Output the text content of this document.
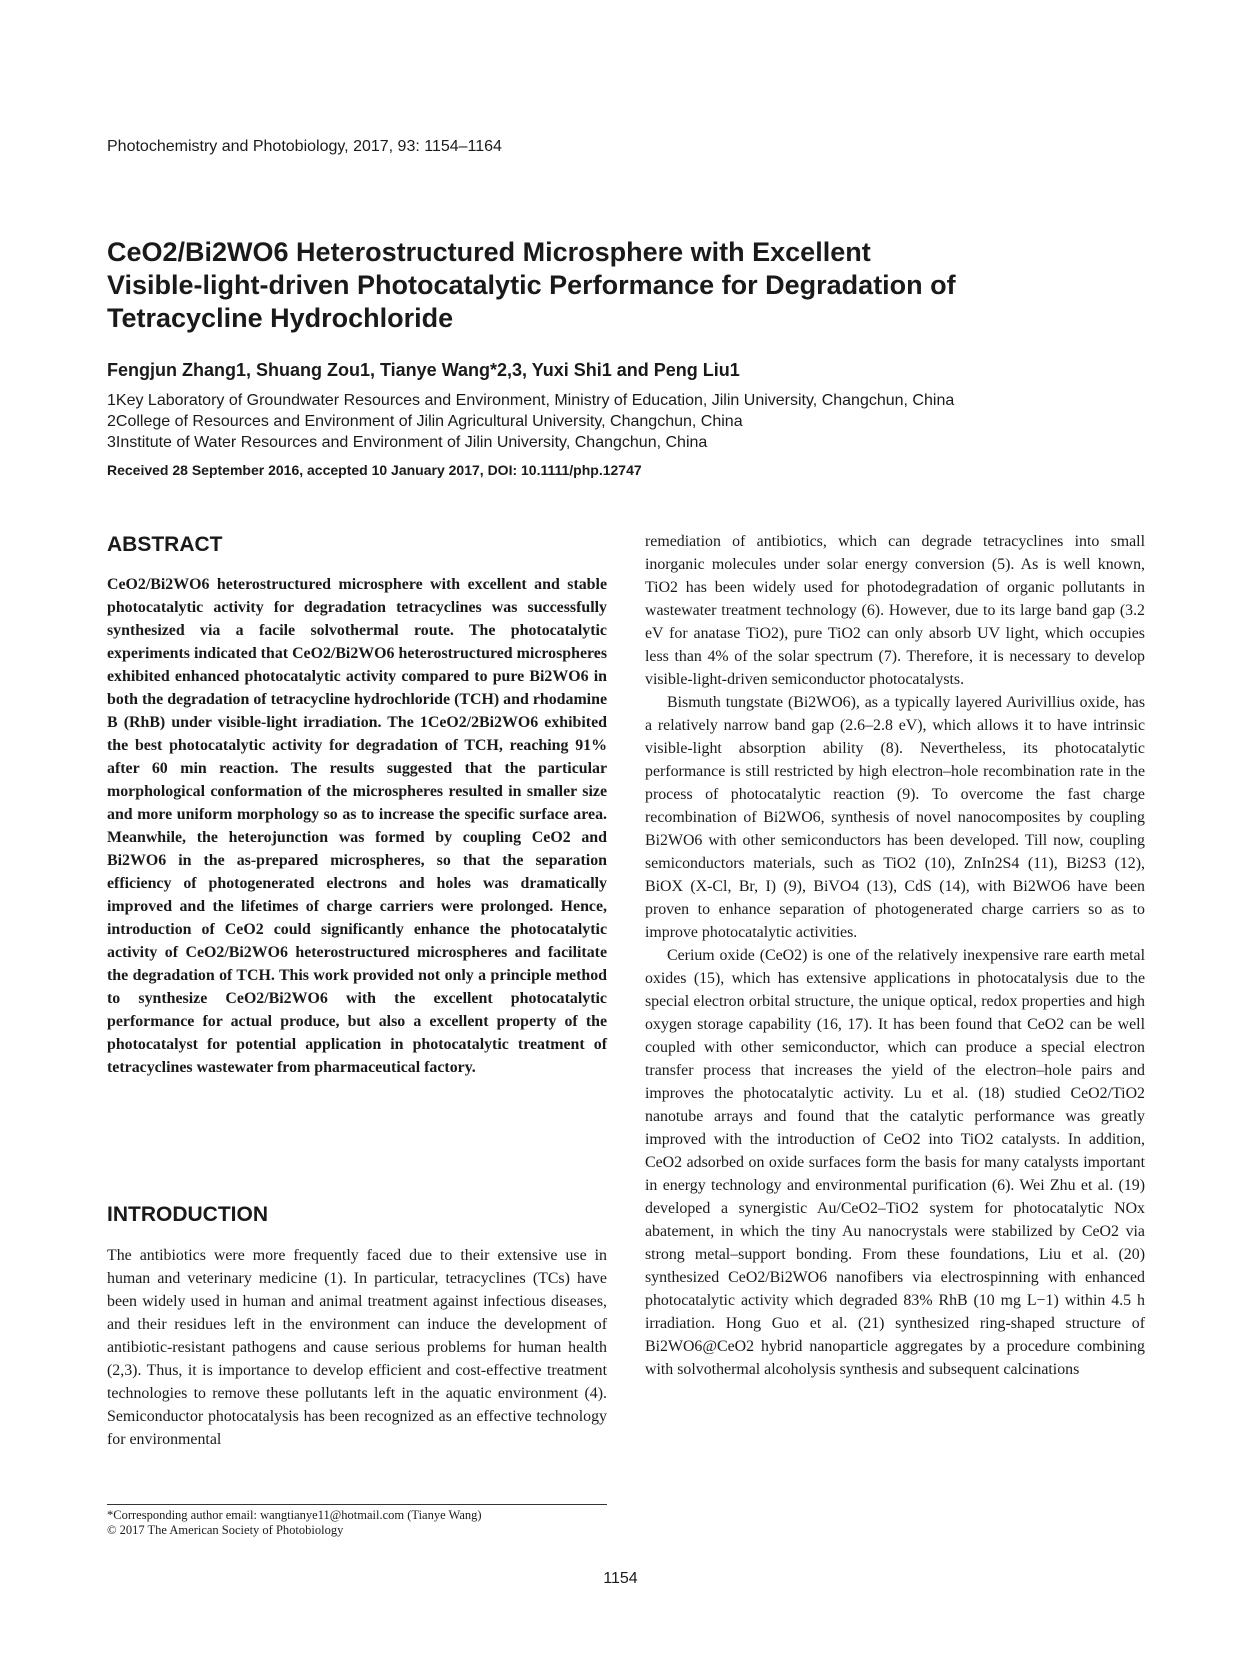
Photochemistry and Photobiology, 2017, 93: 1154–1164
CeO2/Bi2WO6 Heterostructured Microsphere with Excellent
Visible-light-driven Photocatalytic Performance for Degradation of
Tetracycline Hydrochloride
Fengjun Zhang1, Shuang Zou1, Tianye Wang*2,3, Yuxi Shi1 and Peng Liu1
1Key Laboratory of Groundwater Resources and Environment, Ministry of Education, Jilin University, Changchun, China
2College of Resources and Environment of Jilin Agricultural University, Changchun, China
3Institute of Water Resources and Environment of Jilin University, Changchun, China
Received 28 September 2016, accepted 10 January 2017, DOI: 10.1111/php.12747
ABSTRACT

CeO2/Bi2WO6 heterostructured microsphere with excellent and stable photocatalytic activity for degradation tetracyclines was successfully synthesized via a facile solvothermal route. The photocatalytic experiments indicated that CeO2/Bi2WO6 heterostructured microspheres exhibited enhanced photocatalytic activity compared to pure Bi2WO6 in both the degradation of tetracycline hydrochloride (TCH) and rhodamine B (RhB) under visible-light irradiation. The 1CeO2/2Bi2WO6 exhibited the best photocatalytic activity for degradation of TCH, reaching 91% after 60 min reaction. The results suggested that the particular morphological conformation of the microspheres resulted in smaller size and more uniform morphology so as to increase the specific surface area. Meanwhile, the heterojunction was formed by coupling CeO2 and Bi2WO6 in the as-prepared microspheres, so that the separation efficiency of photogenerated electrons and holes was dramatically improved and the lifetimes of charge carriers were prolonged. Hence, introduction of CeO2 could significantly enhance the photocatalytic activity of CeO2/Bi2WO6 heterostructured microspheres and facilitate the degradation of TCH. This work provided not only a principle method to synthesize CeO2/Bi2WO6 with the excellent photocatalytic performance for actual produce, but also a excellent property of the photocatalyst for potential application in photocatalytic treatment of tetracyclines wastewater from pharmaceutical factory.

INTRODUCTION

The antibiotics were more frequently faced due to their extensive use in human and veterinary medicine (1). In particular, tetracyclines (TCs) have been widely used in human and animal treatment against infectious diseases, and their residues left in the environment can induce the development of antibiotic-resistant pathogens and cause serious problems for human health (2,3). Thus, it is importance to develop efficient and cost-effective treatment technologies to remove these pollutants left in the aquatic environment (4). Semiconductor photocatalysis has been recognized as an effective technology for environmental

remediation of antibiotics, which can degrade tetracyclines into small inorganic molecules under solar energy conversion (5). As is well known, TiO2 has been widely used for photodegradation of organic pollutants in wastewater treatment technology (6). However, due to its large band gap (3.2 eV for anatase TiO2), pure TiO2 can only absorb UV light, which occupies less than 4% of the solar spectrum (7). Therefore, it is necessary to develop visible-light-driven semiconductor photocatalysts.

Bismuth tungstate (Bi2WO6), as a typically layered Aurivillius oxide, has a relatively narrow band gap (2.6–2.8 eV), which allows it to have intrinsic visible-light absorption ability (8). Nevertheless, its photocatalytic performance is still restricted by high electron–hole recombination rate in the process of photocatalytic reaction (9). To overcome the fast charge recombination of Bi2WO6, synthesis of novel nanocomposites by coupling Bi2WO6 with other semiconductors has been developed. Till now, coupling semiconductors materials, such as TiO2 (10), ZnIn2S4 (11), Bi2S3 (12), BiOX (X-Cl, Br, I) (9), BiVO4 (13), CdS (14), with Bi2WO6 have been proven to enhance separation of photogenerated charge carriers so as to improve photocatalytic activities.

Cerium oxide (CeO2) is one of the relatively inexpensive rare earth metal oxides (15), which has extensive applications in photocatalysis due to the special electron orbital structure, the unique optical, redox properties and high oxygen storage capability (16, 17). It has been found that CeO2 can be well coupled with other semiconductor, which can produce a special electron transfer process that increases the yield of the electron–hole pairs and improves the photocatalytic activity. Lu et al. (18) studied CeO2/TiO2 nanotube arrays and found that the catalytic performance was greatly improved with the introduction of CeO2 into TiO2 catalysts. In addition, CeO2 adsorbed on oxide surfaces form the basis for many catalysts important in energy technology and environmental purification (6). Wei Zhu et al. (19) developed a synergistic Au/CeO2–TiO2 system for photocatalytic NOx abatement, in which the tiny Au nanocrystals were stabilized by CeO2 via strong metal–support bonding. From these foundations, Liu et al. (20) synthesized CeO2/Bi2WO6 nanofibers via electrospinning with enhanced photocatalytic activity which degraded 83% RhB (10 mg L−1) within 4.5 h irradiation. Hong Guo et al. (21) synthesized ring-shaped structure of Bi2WO6@CeO2 hybrid nanoparticle aggregates by a procedure combining with solvothermal alcoholysis synthesis and subsequent calcinations

*Corresponding author email: wangtianye11@hotmail.com (Tianye Wang)
© 2017 The American Society of Photobiology
1154
